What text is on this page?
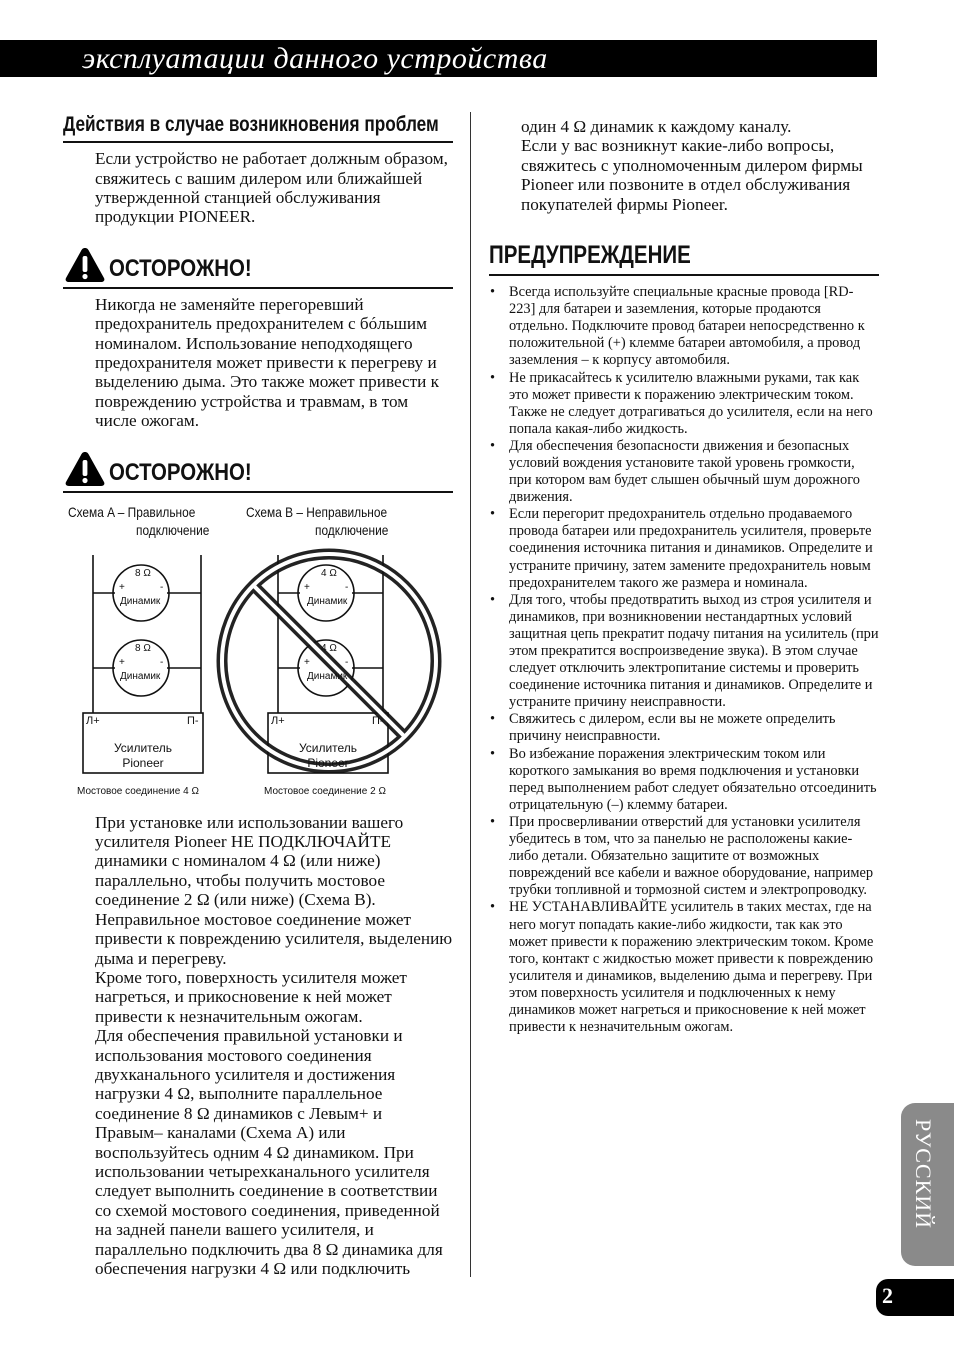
эксплуатации данного устройства
Действия в случае возникновения проблем

Если устройство не работает должным образом, свяжитесь с вашим дилером или ближайшей утвержденной станцией обслуживания продукции PIONEER.

ОСТОРОЖНО!

Никогда не заменяйте перегоревший предохранитель предохранителем с бóльшим номиналом. Использование неподходящего предохранителя может привести к перегреву и выделению дыма. Это также может привести к повреждению устройства и травмам, в том числе ожогам.

ОСТОРОЖНО!
Схема A – Правильное
подключение
Схема B – Неправильное
подключение
8 Ω
+	-
Динамик
8 Ω
+	-
Динамик
Л+	П-
Усилитель
Pioneer
Мостовое соединение 4 Ω
4 Ω
+	-
Динамик
4 Ω
+	-
Динамик
Л+	П-
Усилитель
Pioneer
Мостовое соединение 2 Ω

При установке или использовании вашего усилителя Pioneer НЕ ПОДКЛЮЧАЙТЕ динамики с номиналом 4 Ω (или ниже) параллельно, чтобы получить мостовое соединение 2 Ω (или ниже) (Схема B). Неправильное мостовое соединение может привести к повреждению усилителя, выделению дыма и перегреву.

Кроме того, поверхность усилителя может нагреться, и прикосновение к ней может привести к незначительным ожогам.

Для обеспечения правильной установки и использования мостового соединения двухканального усилителя и достижения нагрузки 4 Ω, выполните параллельное соединение 8 Ω динамиков с Левым+ и Правым– каналами (Схема A) или воспользуйтесь одним 4 Ω динамиком. При использовании четырехканального усилителя следует выполнить соединение в соответствии со схемой мостового соединения, приведенной на задней панели вашего усилителя, и параллельно подключить два 8 Ω динамика для обеспечения нагрузки 4 Ω или подключить

один 4 Ω динамик к каждому каналу.

Если у вас возникнут какие-либо вопросы, свяжитесь с уполномоченным дилером фирмы Pioneer или позвоните в отдел обслуживания покупателей фирмы Pioneer.

ПРЕДУПРЕЖДЕНИЕ
• Всегда используйте специальные красные провода [RD-223] для батареи и заземления, которые продаются отдельно. Подключите провод батареи непосредственно к положительной (+) клемме батареи автомобиля, а провод заземления – к корпусу автомобиля.
• Не прикасайтесь к усилителю влажными руками, так как это может привести к поражению электрическим током. Также не следует дотрагиваться до усилителя, если на него попала какая-либо жидкость.
• Для обеспечения безопасности движения и безопасных условий вождения установите такой уровень громкости, при котором вам будет слышен обычный шум дорожного движения.
• Если перегорит предохранитель отдельно продаваемого провода батареи или предохранитель усилителя, проверьте соединения источника питания и динамиков. Определите и устраните причину, затем замените предохранитель новым предохранителем такого же размера и номинала.
• Для того, чтобы предотвратить выход из строя усилителя и динамиков, при возникновении нестандартных условий защитная цепь прекратит подачу питания на усилитель (при этом прекратится воспроизведение звука). В этом случае следует отключить электропитание системы и проверить соединение источника питания и динамиков. Определите и устраните причину неисправности.
• Свяжитесь с дилером, если вы не можете определить причину неисправности.
• Во избежание поражения электрическим током или короткого замыкания во время подключения и установки перед выполнением работ следует обязательно отсоединить отрицательную (–) клемму батареи.
• При просверливании отверстий для установки усилителя убедитесь в том, что за панелью не расположены какие-либо детали. Обязательно защитите от возможных повреждений все кабели и важное оборудование, например трубки топливной и тормозной систем и электропроводку.
• НЕ УСТАНАВЛИВАЙТЕ усилитель в таких местах, где на него могут попадать какие-либо жидкости, так как это может привести к поражению электрическим током. Кроме того, контакт с жидкостью может привести к повреждению усилителя и динамиков, выделению дыма и перегреву. При этом поверхность усилителя и подключенных к нему динамиков может нагреться и прикосновение к ней может привести к незначительным ожогам.
РУССКИЙ
2
